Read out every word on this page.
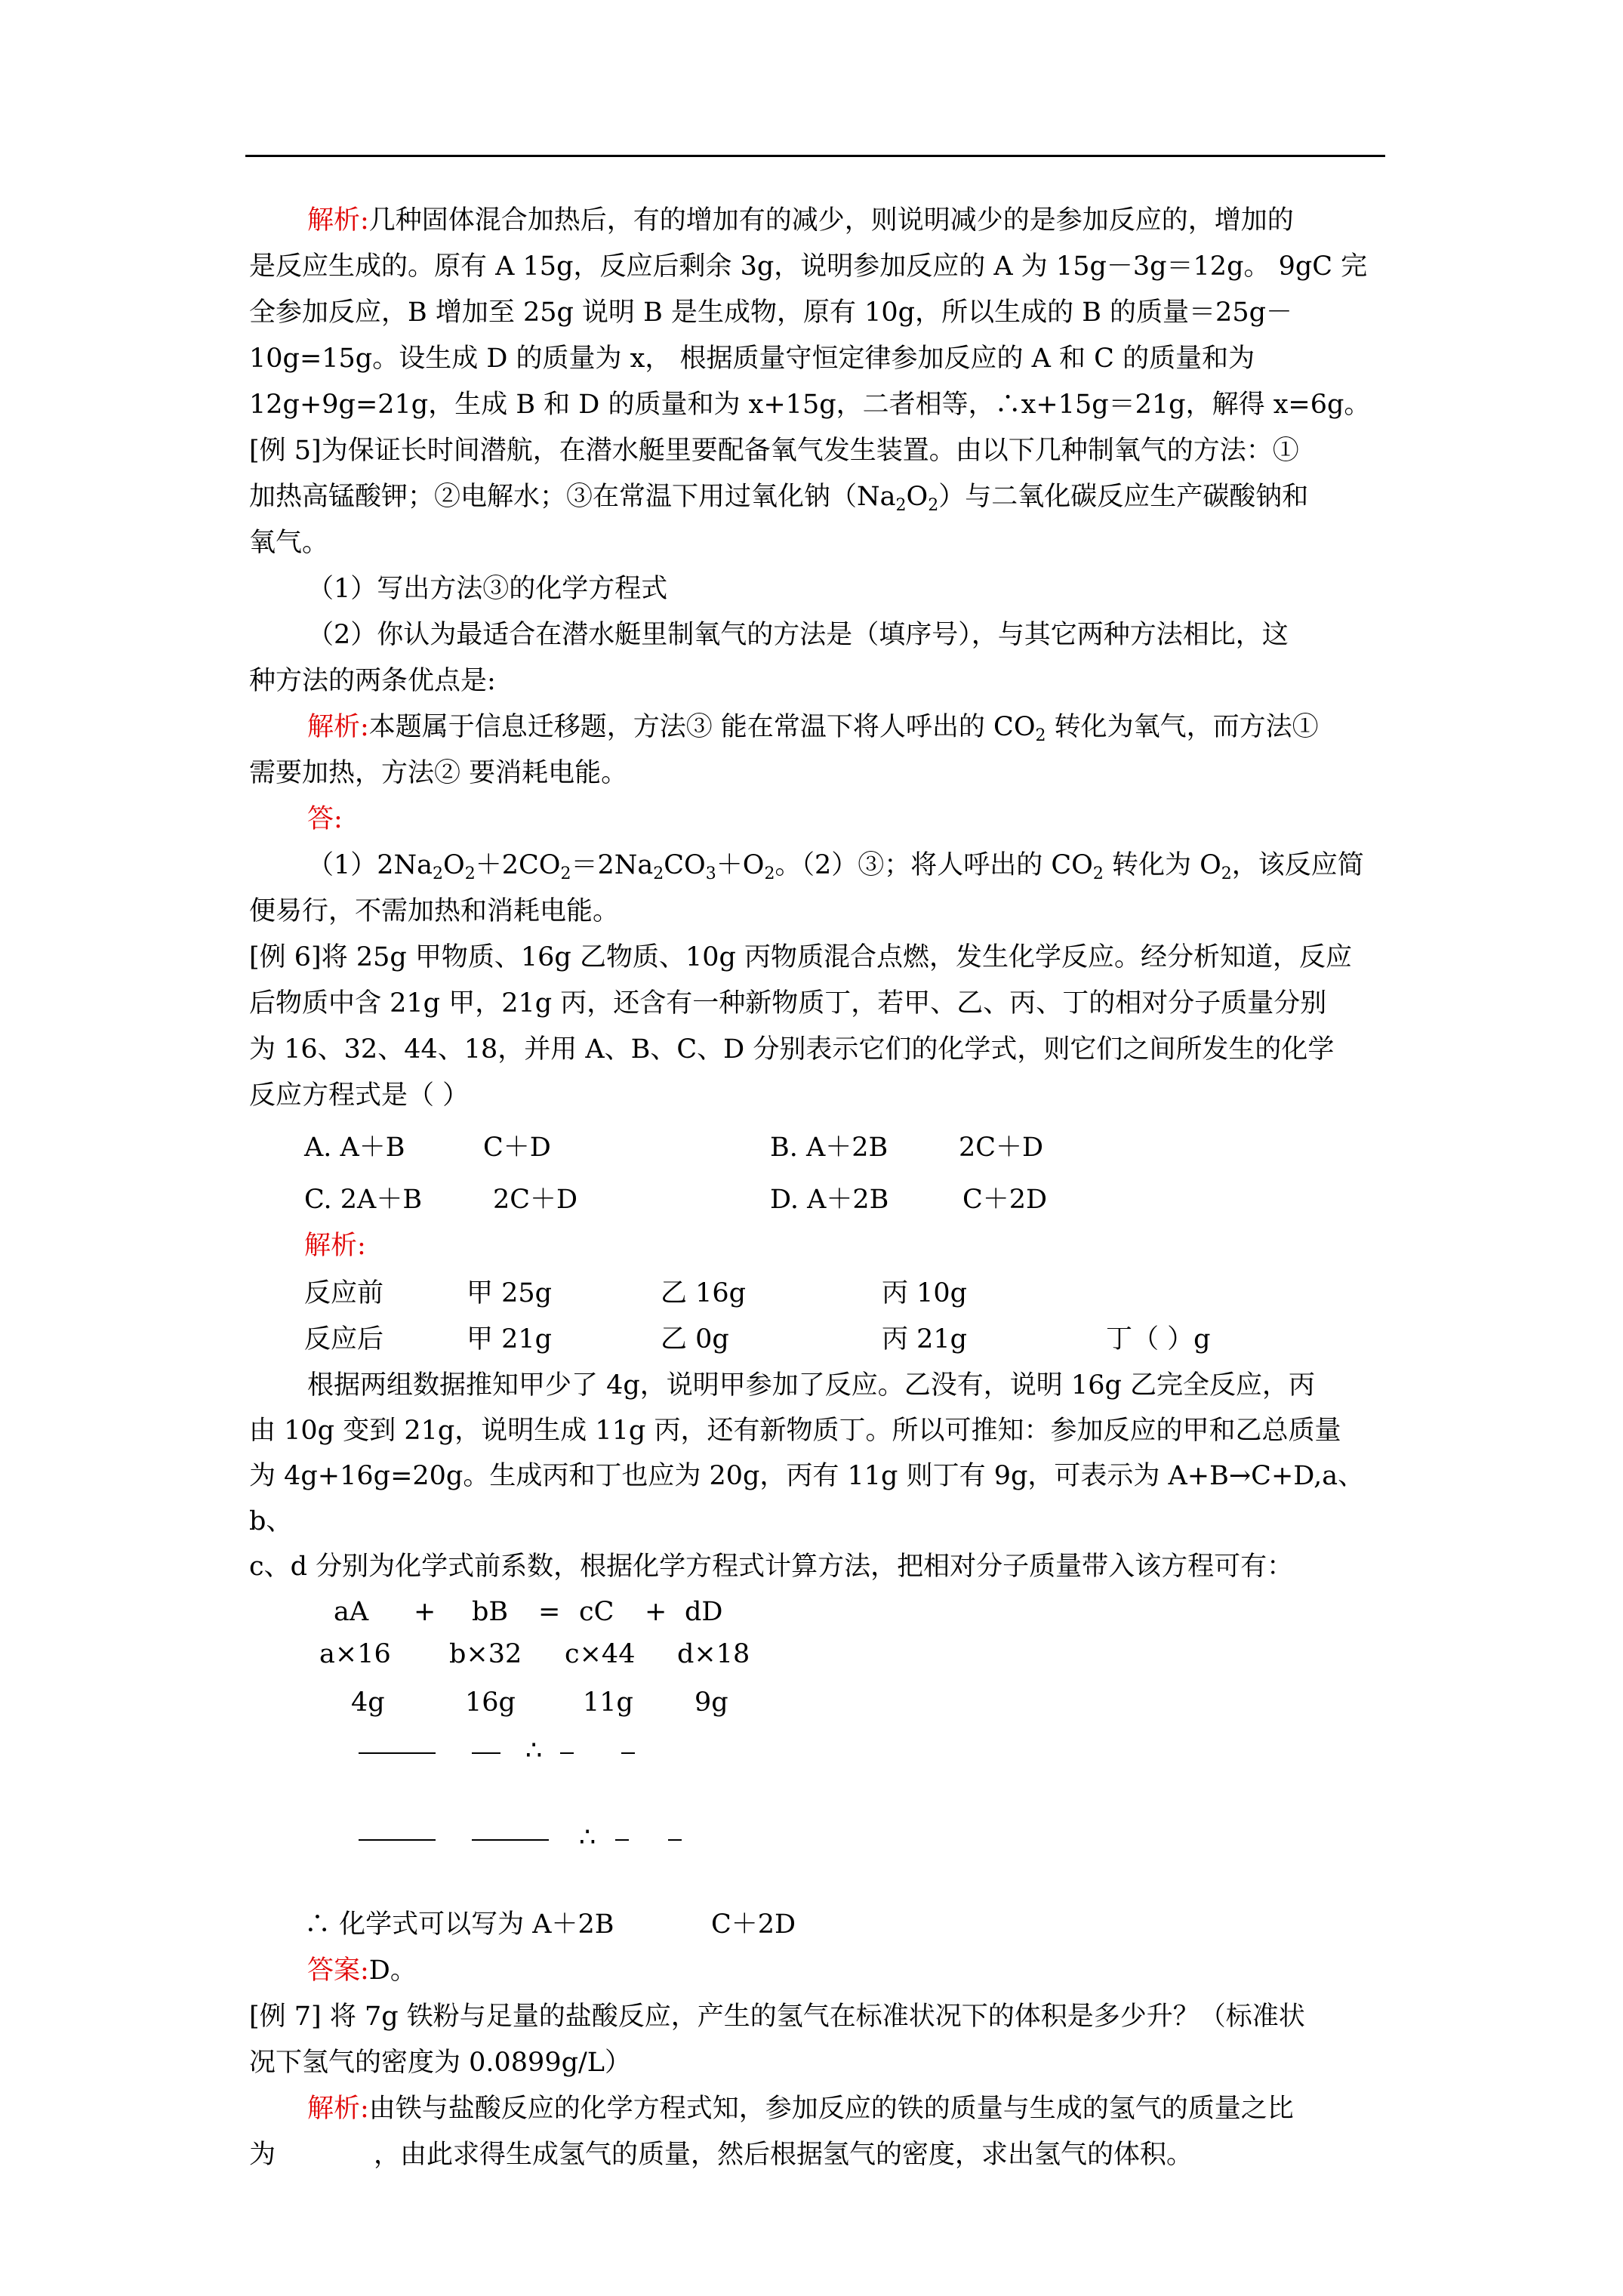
解析:几种固体混合加热后，有的增加有的减少，则说明减少的是参加反应的，增加的

是反应生成的。原有 A 15g，反应后剩余 3g，说明参加反应的 A 为 15g－3g＝12g。 9gC 完

全参加反应，B 增加至 25g 说明 B 是生成物，原有 10g，所以生成的 B 的质量＝25g－

10g=15g。设生成 D 的质量为 x， 根据质量守恒定律参加反应的 A 和 C 的质量和为

12g+9g=21g，生成 B 和 D 的质量和为 x+15g，二者相等，∴x+15g＝21g，解得 x=6g。

[例 5]为保证长时间潜航，在潜水艇里要配备氧气发生装置。由以下几种制氧气的方法：①

加热高锰酸钾；②电解水；③在常温下用过氧化钠$(Na_2O_2)$与二氧化碳反应生产碳酸钠和

氧气。

（1）写出方法③的化学方程式

（2）你认为最适合在潜水艇里制氧气的方法是（填序号），与其它两种方法相比，这

种方法的两条优点是:

解析:本题属于信息迁移题，方法③ 能在常温下将人呼出的 $CO_2$ 转化为氧气，而方法①

需要加热，方法② 要消耗电能。

答:

$(1)2Na_2O_2+2CO_2=2Na_2CO_3+O_2$。（2）③；将人呼出的 $CO_2$ 转化为 $O_2$，该反应简

便易行，不需加热和消耗电能。

[例 6]将 25g 甲物质、16g 乙物质、10g 丙物质混合点燃，发生化学反应。经分析知道，反应

后物质中含 21g 甲，21g 丙，还含有一种新物质丁，若甲、乙、丙、丁的相对分子质量分别

为 16、32、44、18，并用 A、B、C、D 分别表示它们的化学式，则它们之间所发生的化学

反应方程式是（ ）

A. A＋B	C＋D	B. A＋2B	2C＋D
C. 2A＋B	2C＋D	D. A＋2B	C＋2D
解析:
反应前	甲 25g	乙 16g	丙 10g
反应后	甲 21g	乙 0g	丙 21g	丁（ ）g

根据两组数据推知甲少了 4g，说明甲参加了反应。乙没有，说明 16g 乙完全反应，丙

由 10g 变到 21g，说明生成 11g 丙，还有新物质丁。所以可推知：参加反应的甲和乙总质量

为 4g+16g=20g。生成丙和丁也应为 20g，丙有 11g 则丁有 9g，可表示为 A+B→C+D,a、b、

c、d 分别为化学式前系数，根据化学方程式计算方法，把相对分子质量带入该方程可有：

aA + bB = cC + dD
a×16 b×32 c×44 d×18
4g	16g	11g 9g
∴
∴
∴ 化学式可以写为 A＋2B	C＋2D

答案:D。

[例 7] 将 7g 铁粉与足量的盐酸反应，产生的氢气在标准状况下的体积是多少升？（标准状

况下氢气的密度为 0.0899g/L）

解析:由铁与盐酸反应的化学方程式知，参加反应的铁的质量与生成的氢气的质量之比

为	，由此求得生成氢气的质量，然后根据氢气的密度，求出氢气的体积。
